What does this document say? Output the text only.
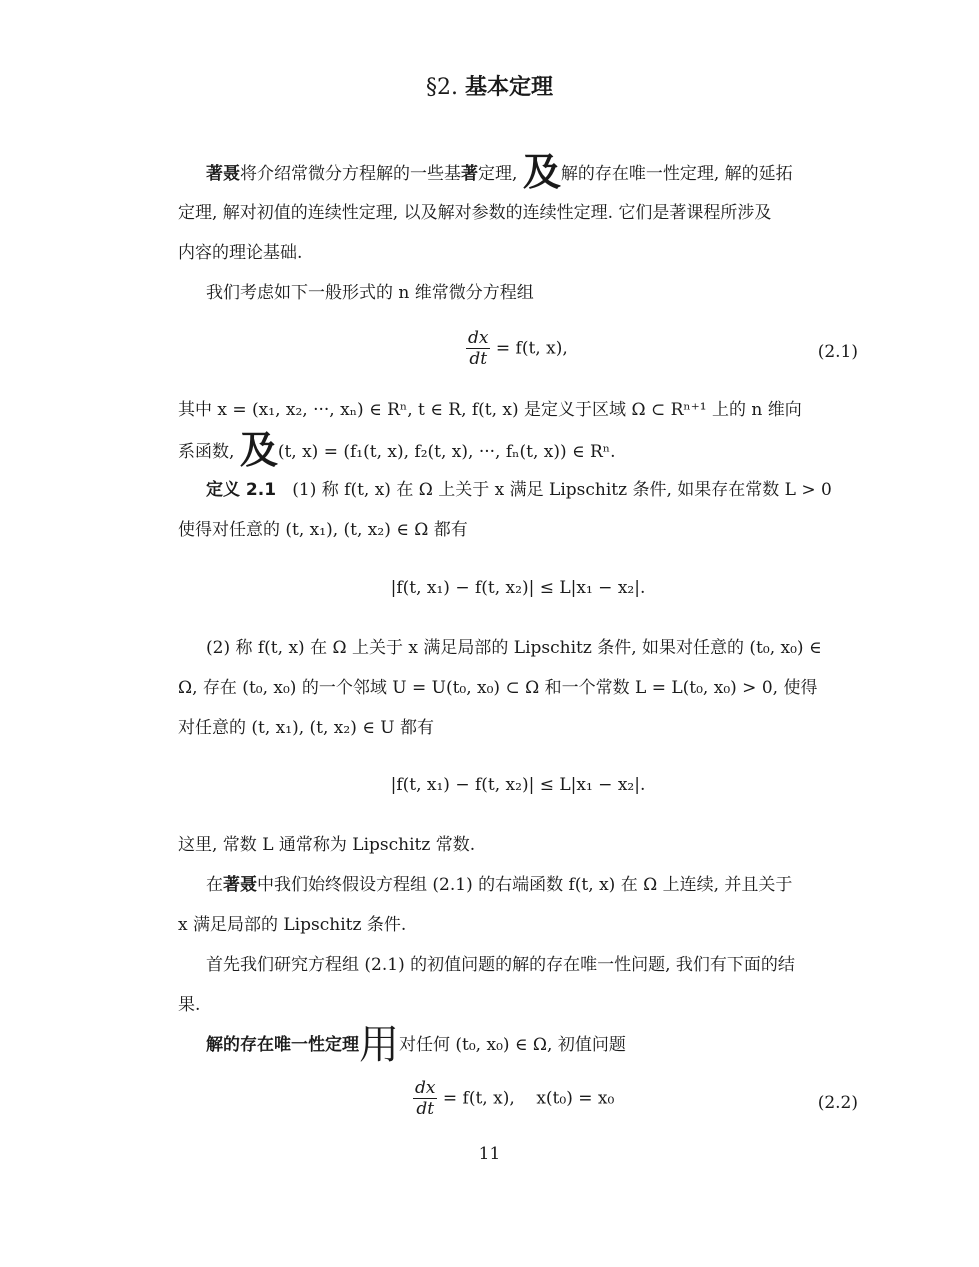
§2. 基本定理
著聂将介绍常微分方程解的一些基著定理, 及解的存在唯一性定理, 解的延拓
定理, 解对初值的连续性定理, 以及解对参数的连续性定理. 它们是著课程所涉及
内容的理论基础.
我们考虑如下一般形式的 n 维常微分方程组
$\frac{dx}{dt} = f(t$, x),	(2.1)
其中 x = (x₁, x₂, ···, xₙ) ∈ Rⁿ, t ∈ R, f(t, x) 是定义于区域 Ω ⊂ Rⁿ⁺¹ 上的 n 维向
系函数, 及(t, x) = (f₁(t, x), f₂(t, x), ···, fₙ(t, x)) ∈ Rⁿ.
定义 2.1 (1) 称 f(t, x) 在 Ω 上关于 x 满足 Lipschitz 条件, 如果存在常数 L > 0
使得对任意的 (t, x₁), (t, x₂) ∈ Ω 都有
|f(t, x₁) − f(t, x₂)| ≤ L|x₁ − x₂|.
(2) 称 f(t, x) 在 Ω 上关于 x 满足局部的 Lipschitz 条件, 如果对任意的 (t₀, x₀) ∈
Ω, 存在 (t₀, x₀) 的一个邻域 U = U(t₀, x₀) ⊂ Ω 和一个常数 L = L(t₀, x₀) > 0, 使得
对任意的 (t, x₁), (t, x₂) ∈ U 都有
|f(t, x₁) − f(t, x₂)| ≤ L|x₁ − x₂|.
这里, 常数 L 通常称为 Lipschitz 常数.
在著聂中我们始终假设方程组 (2.1) 的右端函数 f(t, x) 在 Ω 上连续, 并且关于
x 满足局部的 Lipschitz 条件.
首先我们研究方程组 (2.1) 的初值问题的解的存在唯一性问题, 我们有下面的结
果.
解的存在唯一性定理用对任何 (t₀, x₀) ∈ Ω, 初值问题
$\frac{dx}{dt} = f(t$, x),    x(t₀) = x₀	(2.2)
11
